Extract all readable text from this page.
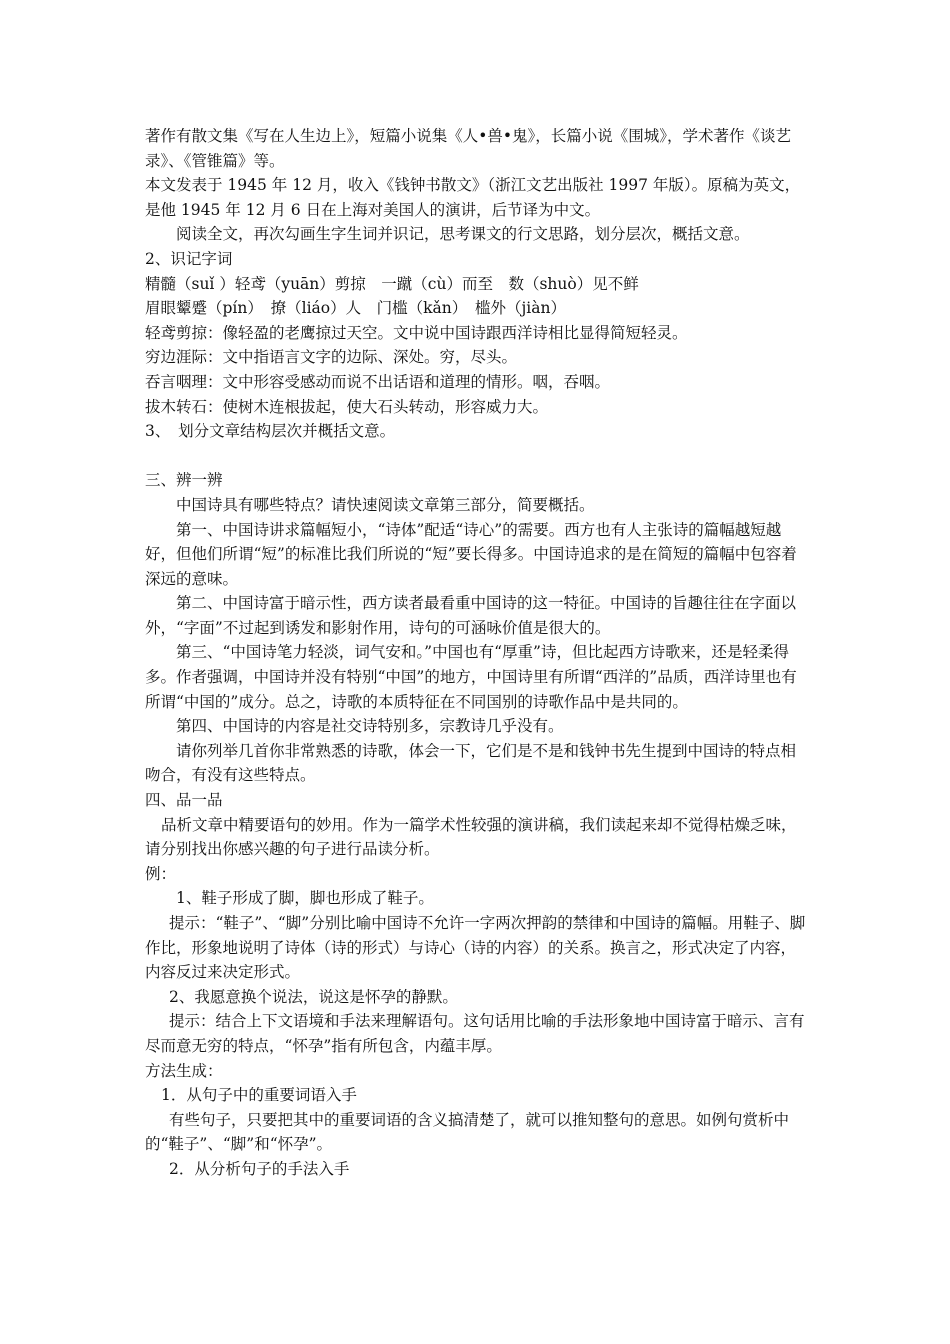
著作有散文集《写在人生边上》，短篇小说集《人•兽•鬼》，长篇小说《围城》，学术著作《谈艺录》、《管锥篇》等。

本文发表于 1945 年 12 月，收入《钱钟书散文》（浙江文艺出版社 1997 年版）。原稿为英文，是他 1945 年 12 月 6 日在上海对美国人的演讲，后节译为中文。

阅读全文，再次勾画生字生词并识记，思考课文的行文思路，划分层次，概括文意。

2、识记字词

精髓（suǐ ）轻鸢（yuān）剪掠　一蹴（cù）而至　数（shuò）见不鲜

眉眼颦蹙（pín）　撩（liáo）人　门槛（kǎn）　槛外（jiàn）

轻鸢剪掠：像轻盈的老鹰掠过天空。文中说中国诗跟西洋诗相比显得简短轻灵。

穷边涯际：文中指语言文字的边际、深处。穷，尽头。

吞言咽理：文中形容受感动而说不出话语和道理的情形。咽，吞咽。

拔木转石：使树木连根拔起，使大石头转动，形容威力大。

3、　划分文章结构层次并概括文意。

三、辨一辨

中国诗具有哪些特点？请快速阅读文章第三部分，简要概括。

第一、中国诗讲求篇幅短小，“诗体”配适“诗心”的需要。西方也有人主张诗的篇幅越短越好，但他们所谓“短”的标准比我们所说的“短”要长得多。中国诗追求的是在简短的篇幅中包容着深远的意味。

第二、中国诗富于暗示性，西方读者最看重中国诗的这一特征。中国诗的旨趣往往在字面以外，“字面”不过起到诱发和影射作用，诗句的可涵咏价值是很大的。

第三、“中国诗笔力轻淡，词气安和。”中国也有“厚重”诗，但比起西方诗歌来，还是轻柔得多。作者强调，中国诗并没有特别“中国”的地方，中国诗里有所谓“西洋的”品质，西洋诗里也有所谓“中国的”成分。总之，诗歌的本质特征在不同国别的诗歌作品中是共同的。

第四、中国诗的内容是社交诗特别多，宗教诗几乎没有。

请你列举几首你非常熟悉的诗歌，体会一下，它们是不是和钱钟书先生提到中国诗的特点相吻合，有没有这些特点。

四、品一品

品析文章中精要语句的妙用。作为一篇学术性较强的演讲稿，我们读起来却不觉得枯燥乏味，请分别找出你感兴趣的句子进行品读分析。

例：

1、鞋子形成了脚，脚也形成了鞋子。

提示：“鞋子”、“脚”分别比喻中国诗不允许一字两次押韵的禁律和中国诗的篇幅。用鞋子、脚作比，形象地说明了诗体（诗的形式）与诗心（诗的内容）的关系。换言之，形式决定了内容，内容反过来决定形式。

2、我愿意换个说法，说这是怀孕的静默。

提示：结合上下文语境和手法来理解语句。这句话用比喻的手法形象地中国诗富于暗示、言有尽而意无穷的特点，“怀孕”指有所包含，内蕴丰厚。

方法生成：

1．从句子中的重要词语入手

有些句子，只要把其中的重要词语的含义搞清楚了，就可以推知整句的意思。如例句赏析中的“鞋子”、“脚”和“怀孕”。

2．从分析句子的手法入手
